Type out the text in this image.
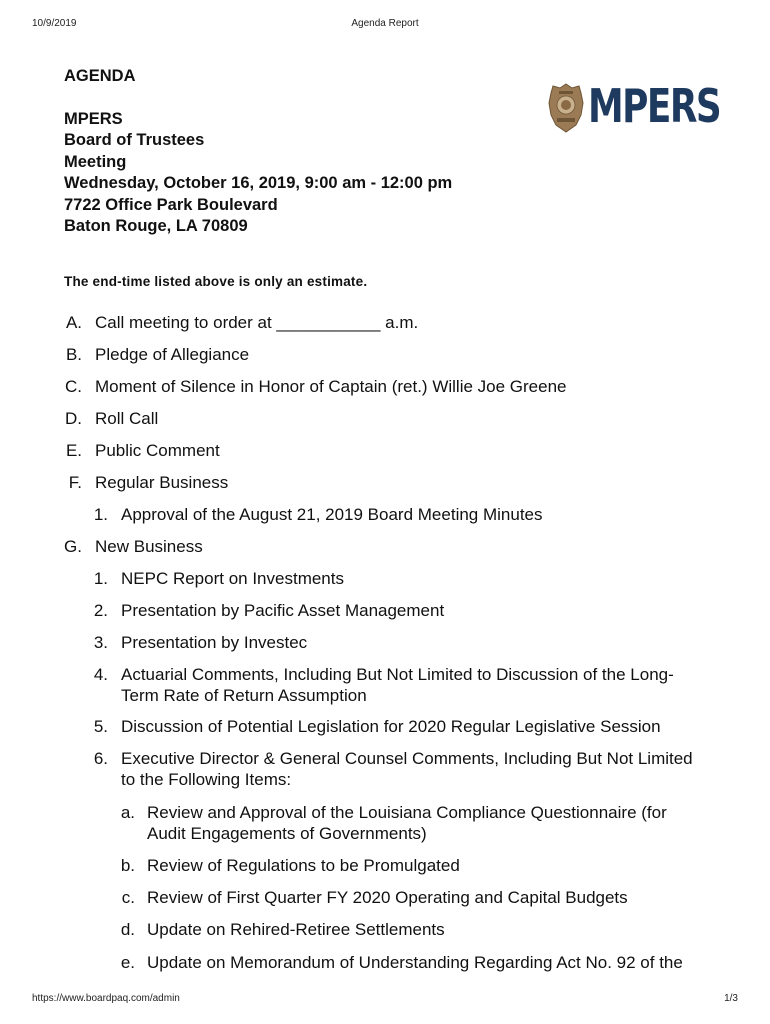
10/9/2019	Agenda Report
AGENDA
MPERS
Board of Trustees
Meeting
Wednesday, October 16, 2019, 9:00 am - 12:00 pm
7722 Office Park Boulevard
Baton Rouge, LA 70809
MPERS
The end-time listed above is only an estimate.
A. Call meeting to order at ___________ a.m.
B. Pledge of Allegiance
C. Moment of Silence in Honor of Captain (ret.) Willie Joe Greene
D. Roll Call
E. Public Comment
F. Regular Business
1. Approval of the August 21, 2019 Board Meeting Minutes
G. New Business
1. NEPC Report on Investments
2. Presentation by Pacific Asset Management
3. Presentation by Investec
4. Actuarial Comments, Including But Not Limited to Discussion of the Long-
Term Rate of Return Assumption
5. Discussion of Potential Legislation for 2020 Regular Legislative Session
6. Executive Director & General Counsel Comments, Including But Not Limited
to the Following Items:
a. Review and Approval of the Louisiana Compliance Questionnaire (for
Audit Engagements of Governments)
b. Review of Regulations to be Promulgated
c. Review of First Quarter FY 2020 Operating and Capital Budgets
d. Update on Rehired-Retiree Settlements
e. Update on Memorandum of Understanding Regarding Act No. 92 of the
https://www.boardpaq.com/admin	1/3
